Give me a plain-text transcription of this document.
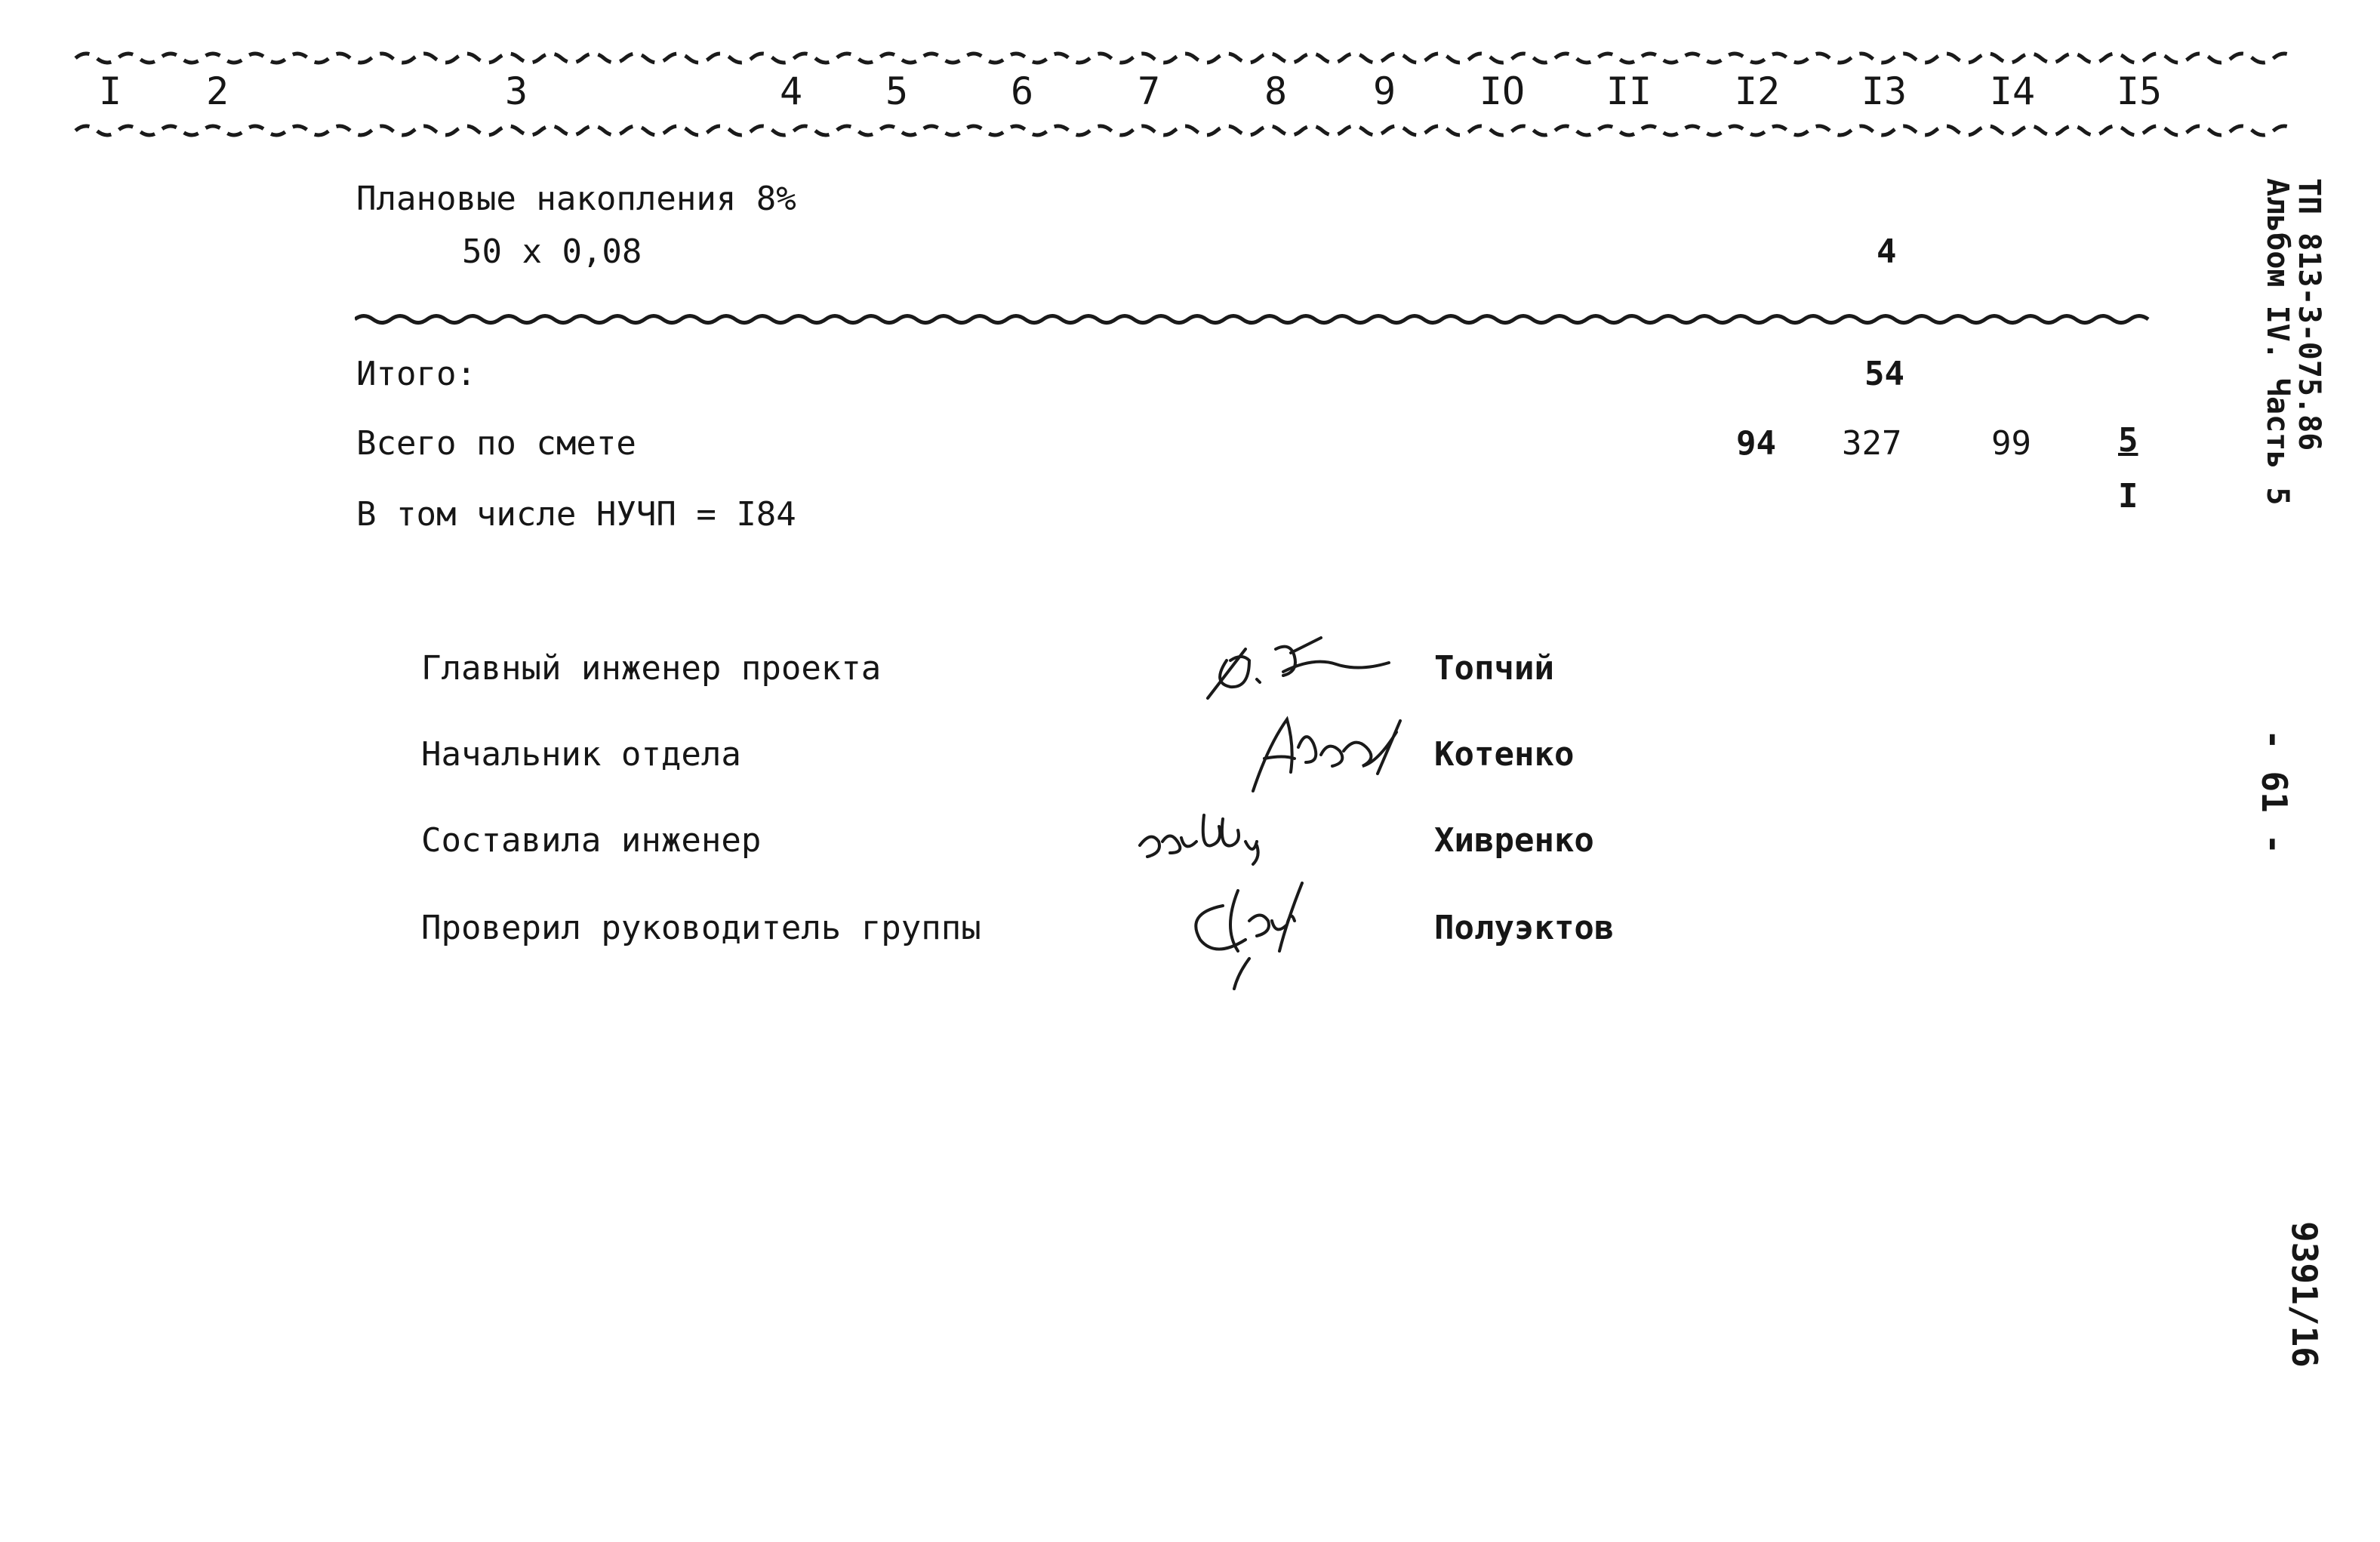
I 2	3	4 5	6	7	8 9 IO II I2 I3 I4 I5
Плановые накопления 8%
50 x 0,08	4
Итого:	54
Всего по смете	94 327	99	5
I
В том числе НУЧП = I84
Главный инженер проекта	Топчий
Начальник отдела	Котенко
Составила инженер	Хивренко
Проверил руководитель группы	Полуэктов
ТП 813-3-075.86
Альбом IV. Часть 5
- 61 -
9391/16
